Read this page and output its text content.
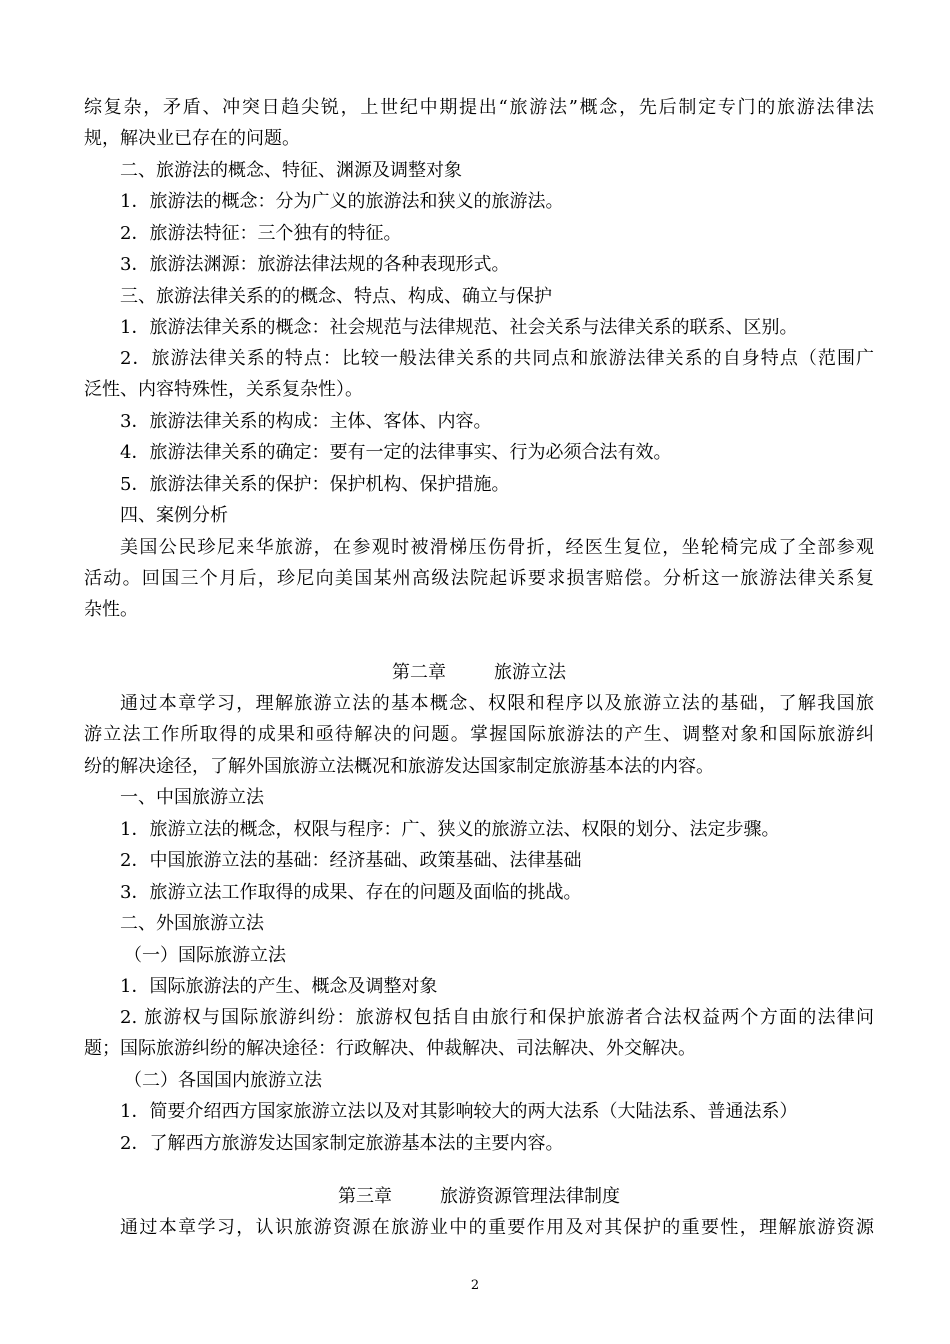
综复杂，矛盾、冲突日趋尖锐，上世纪中期提出“旅游法”概念，先后制定专门的旅游法律法
规，解决业已存在的问题。
二、旅游法的概念、特征、渊源及调整对象
1．旅游法的概念：分为广义的旅游法和狭义的旅游法。
2．旅游法特征：三个独有的特征。
3．旅游法渊源：旅游法律法规的各种表现形式。
三、旅游法律关系的的概念、特点、构成、确立与保护
1．旅游法律关系的概念：社会规范与法律规范、社会关系与法律关系的联系、区别。
2．旅游法律关系的特点：比较一般法律关系的共同点和旅游法律关系的自身特点（范围广
泛性、内容特殊性，关系复杂性）。
3．旅游法律关系的构成：主体、客体、内容。
4．旅游法律关系的确定：要有一定的法律事实、行为必须合法有效。
5．旅游法律关系的保护：保护机构、保护措施。
四、案例分析
美国公民珍尼来华旅游，在参观时被滑梯压伤骨折，经医生复位，坐轮椅完成了全部参观
活动。回国三个月后，珍尼向美国某州高级法院起诉要求损害赔偿。分析这一旅游法律关系复
杂性。
第二章	旅游立法
通过本章学习，理解旅游立法的基本概念、权限和程序以及旅游立法的基础，了解我国旅
游立法工作所取得的成果和亟待解决的问题。掌握国际旅游法的产生、调整对象和国际旅游纠
纷的解决途径，了解外国旅游立法概况和旅游发达国家制定旅游基本法的内容。
一、中国旅游立法
1．旅游立法的概念，权限与程序：广、狭义的旅游立法、权限的划分、法定步骤。
2．中国旅游立法的基础：经济基础、政策基础、法律基础
3．旅游立法工作取得的成果、存在的问题及面临的挑战。
二、外国旅游立法
（一）国际旅游立法
1．国际旅游法的产生、概念及调整对象
2. 旅游权与国际旅游纠纷：旅游权包括自由旅行和保护旅游者合法权益两个方面的法律问
题；国际旅游纠纷的解决途径：行政解决、仲裁解决、司法解决、外交解决。
（二）各国国内旅游立法
1．简要介绍西方国家旅游立法以及对其影响较大的两大法系（大陆法系、普通法系）
2．了解西方旅游发达国家制定旅游基本法的主要内容。
第三章	旅游资源管理法律制度
通过本章学习，认识旅游资源在旅游业中的重要作用及对其保护的重要性，理解旅游资源
2
